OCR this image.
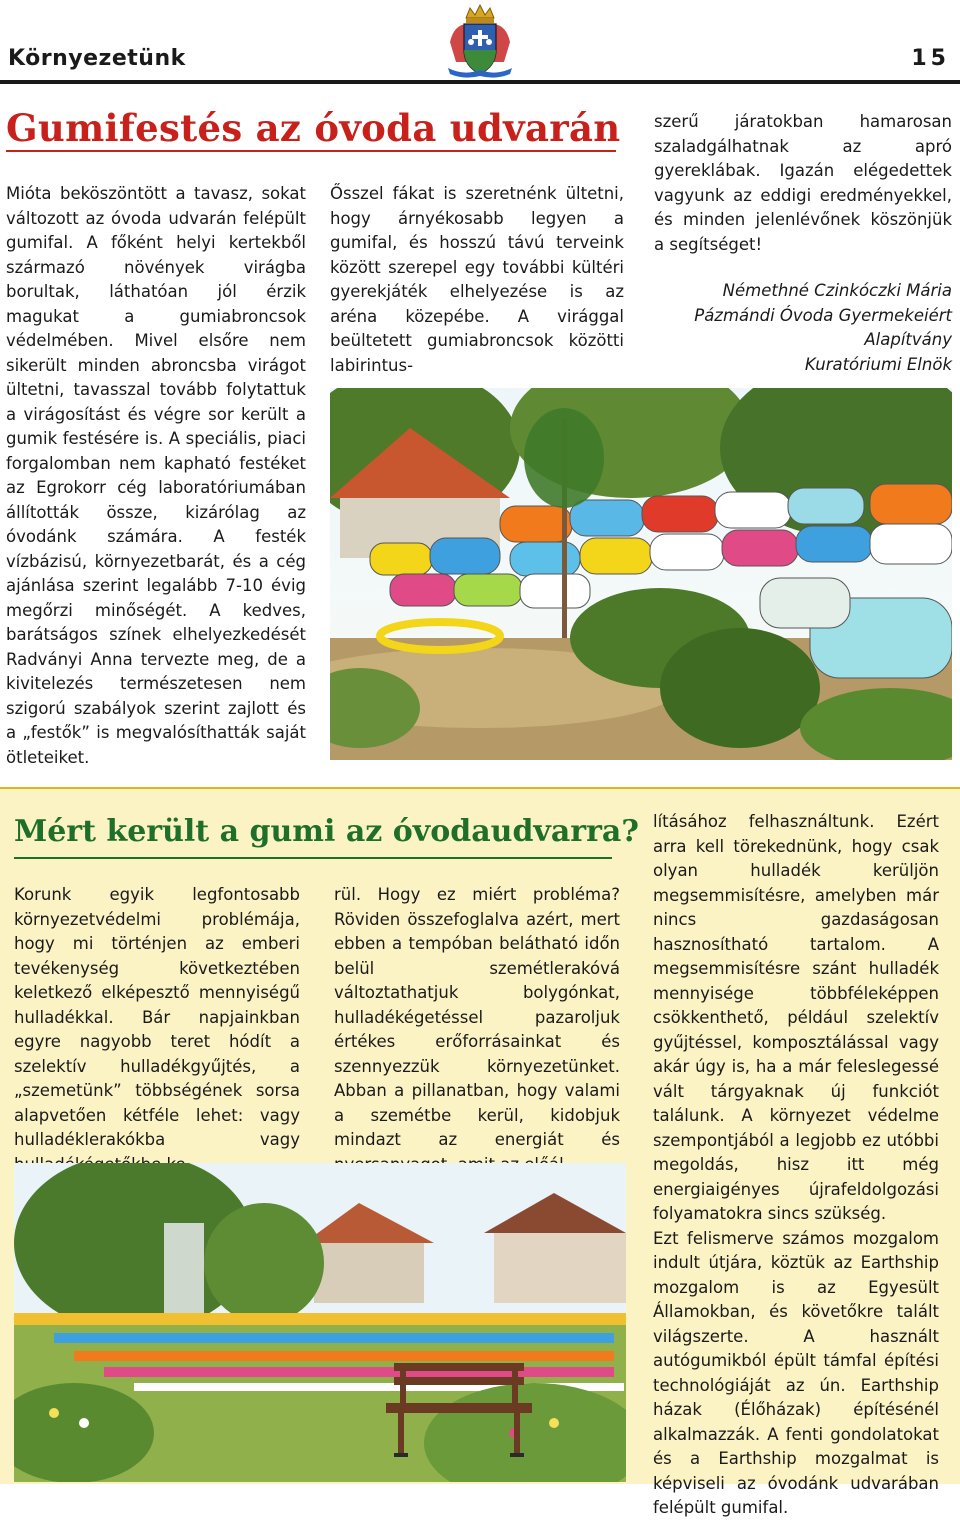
Környezetünk	15
Gumifestés az óvoda udvarán

Mióta beköszöntött a tavasz, sokat változott az óvoda udvarán felépült gumifal. A főként helyi kertekből származó növények virágba borultak, láthatóan jól érzik magukat a gumiabroncsok védelmében. Mivel elsőre nem sikerült minden abroncsba virágot ültetni, tavasszal tovább folytattuk a virágosítást és végre sor került a gumik festésére is. A speciális, piaci forgalomban nem kapható festéket az Egrokorr cég laboratóriumában állították össze, kizárólag az óvodánk számára. A festék vízbázisú, környezetbarát, és a cég ajánlása szerint legalább 7-10 évig megőrzi minőségét. A kedves, barátságos színek elhelyezkedését Radványi Anna tervezte meg, de a kivitelezés természetesen nem szigorú szabályok szerint zajlott és a „festők” is megvalósíthatták saját ötleteiket.

Ősszel fákat is szeretnénk ültetni, hogy árnyékosabb legyen a gumifal, és hosszú távú terveink között szerepel egy további kültéri gyerekjáték elhelyezése is az aréna közepébe. A virággal beültetett gumiabroncsok közötti labirintus-

szerű járatokban hamarosan szaladgálhatnak az apró gyereklábak. Igazán elégedettek vagyunk az eddigi eredményekkel, és minden jelenlévőnek köszönjük a segítséget!

Némethné Czinkóczki Mária
Pázmándi Óvoda Gyermekeiért
Alapítvány
Kuratóriumi Elnök
Mért került a gumi az óvodaudvarra?

Korunk egyik legfontosabb környezetvédelmi problémája, hogy mi történjen az emberi tevékenység következtében keletkező elképesztő mennyiségű hulladékkal. Bár napjainkban egyre nagyobb teret hódít a szelektív hulladékgyűjtés, a „szemetünk” többségének sorsa alapvetően kétféle lehet: vagy hulladéklerakókba vagy

rül. Hogy ez miért probléma? Röviden összefoglalva azért, mert ebben a tempóban belátható időn belül szemétlerakóvá változtathatjuk bolygónkat, hulladékégetéssel pazaroljuk értékes erőforrásainkat és szennyezzük környezetünket. Abban a pillanatban, hogy valami a szemétbe kerül, kidobjuk mindazt az energiát és

lításához felhasználtunk. Ezért arra kell törekednünk, hogy csak olyan hulladék kerüljön megsemmisítésre, amelyben már nincs gazdaságosan hasznosítható tartalom. A megsemmisítésre szánt hulladék mennyisége többféleképpen csökkenthető, például szelektív gyűjtéssel, komposztálással vagy akár úgy is, ha a már feleslegessé vált tárgyaknak új funkciót találunk. A környezet védelme szempontjából a legjobb ez utóbbi megoldás, hisz itt még energiaigényes újrafeldolgozási folyamatokra sincs szükség.

Ezt felismerve számos mozgalom indult útjára, köztük az Earthship mozgalom is az Egyesült Államokban, és követőkre talált világszerte. A használt autógumikból épült támfal építési technológiáját az ún. Earthship házak (Élőházak) építésénél alkalmazzák. A fenti gondolatokat és a Earthship mozgalmat is képviseli az óvodánk udvarában felépült gumifal.
